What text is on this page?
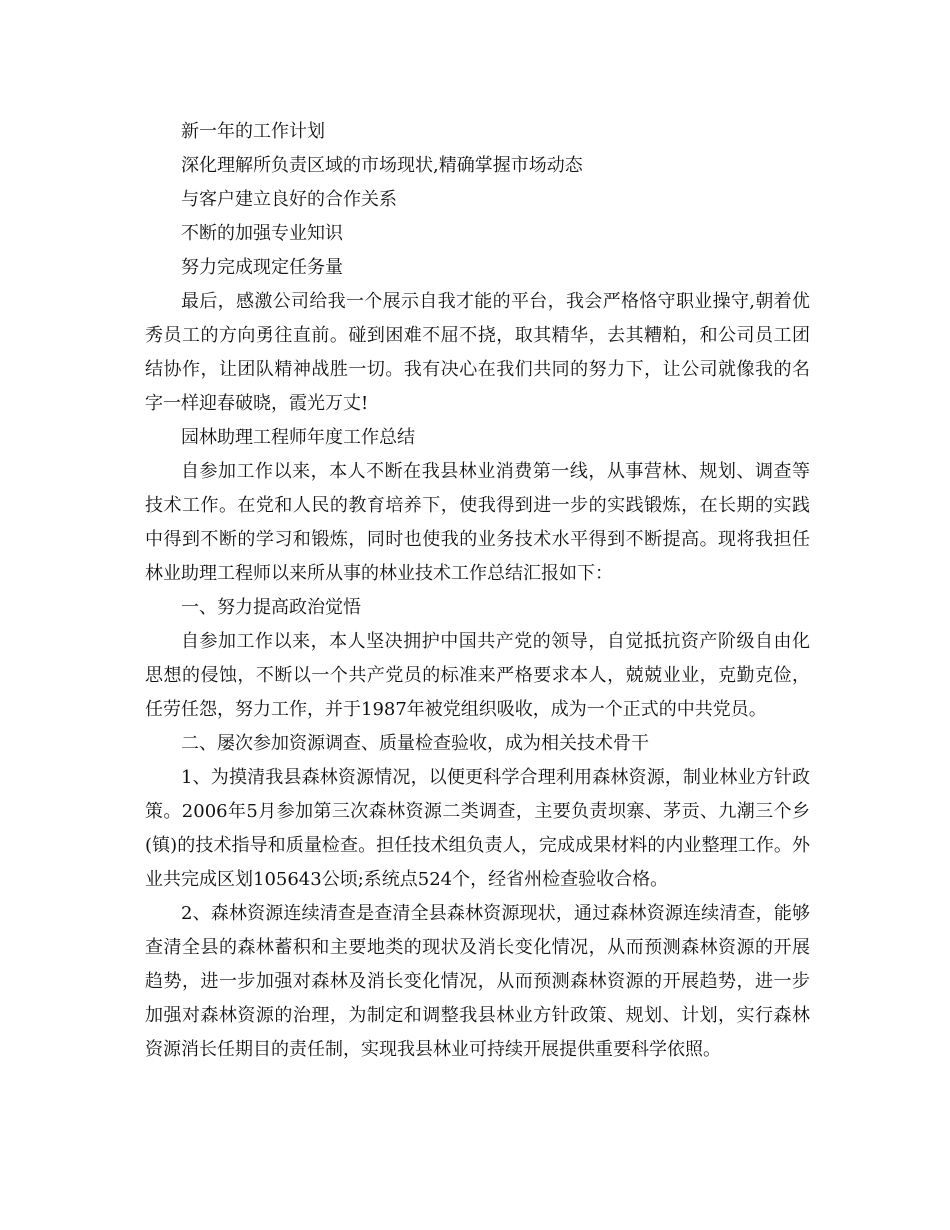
新一年的工作计划

深化理解所负责区域的市场现状,精确掌握市场动态

与客户建立良好的合作关系

不断的加强专业知识

努力完成现定任务量

最后，感激公司给我一个展示自我才能的平台，我会严格恪守职业操守,朝着优秀员工的方向勇往直前。碰到困难不屈不挠，取其精华，去其糟粕，和公司员工团结协作，让团队精神战胜一切。我有决心在我们共同的努力下，让公司就像我的名字一样迎春破晓，霞光万丈!

园林助理工程师年度工作总结

自参加工作以来，本人不断在我县林业消费第一线，从事营林、规划、调查等技术工作。在党和人民的教育培养下，使我得到进一步的实践锻炼，在长期的实践中得到不断的学习和锻炼，同时也使我的业务技术水平得到不断提高。现将我担任林业助理工程师以来所从事的林业技术工作总结汇报如下：

一、努力提高政治觉悟

自参加工作以来，本人坚决拥护中国共产党的领导，自觉抵抗资产阶级自由化思想的侵蚀，不断以一个共产党员的标准来严格要求本人，兢兢业业，克勤克俭，任劳任怨，努力工作，并于1987年被党组织吸收，成为一个正式的中共党员。

二、屡次参加资源调查、质量检查验收，成为相关技术骨干

1、为摸清我县森林资源情况，以便更科学合理利用森林资源，制业林业方针政策。2006年5月参加第三次森林资源二类调查，主要负责坝寨、茅贡、九潮三个乡(镇)的技术指导和质量检查。担任技术组负责人，完成成果材料的内业整理工作。外业共完成区划105643公顷;系统点524个，经省州检查验收合格。

2、森林资源连续清查是查清全县森林资源现状，通过森林资源连续清查，能够查清全县的森林蓄积和主要地类的现状及消长变化情况，从而预测森林资源的开展趋势，进一步加强对森林及消长变化情况，从而预测森林资源的开展趋势，进一步加强对森林资源的治理，为制定和调整我县林业方针政策、规划、计划，实行森林资源消长任期目的责任制，实现我县林业可持续开展提供重要科学依照。
